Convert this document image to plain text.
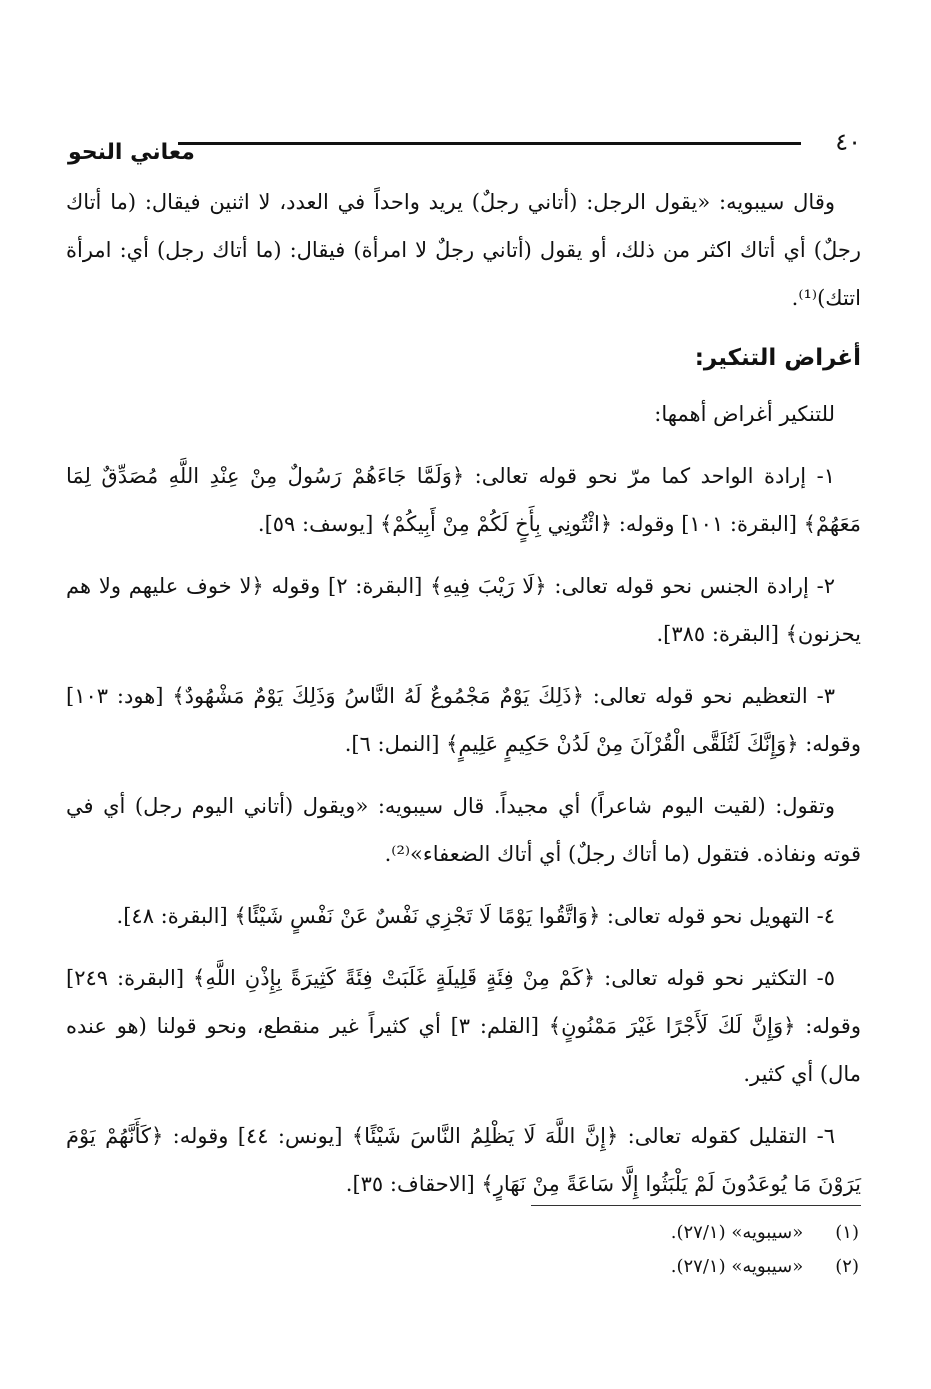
٤٠
معاني النحو

وقال سيبويه: «يقول الرجل: (أتاني رجلٌ) يريد واحداً في العدد، لا اثنين فيقال: (ما أتاك رجلٌ) أي أتاك اكثر من ذلك، أو يقول (أتاني رجلٌ لا امرأة) فيقال: (ما أتاك رجل) أي: امرأة اتتك)⁽¹⁾.

أغراض التنكير:

للتنكير أغراض أهمها:

١- إرادة الواحد كما مرّ نحو قوله تعالى: ﴿وَلَمَّا جَاءَهُمْ رَسُولٌ مِنْ عِنْدِ اللَّهِ مُصَدِّقٌ لِمَا مَعَهُمْ﴾ [البقرة: ١٠١] وقوله: ﴿ائْتُونِي بِأَخٍ لَكُمْ مِنْ أَبِيكُمْ﴾ [يوسف: ٥٩].

٢- إرادة الجنس نحو قوله تعالى: ﴿لَا رَيْبَ فِيهِ﴾ [البقرة: ٢] وقوله ﴿لا خوف عليهم ولا هم يحزنون﴾ [البقرة: ٣٨٥].

٣- التعظيم نحو قوله تعالى: ﴿ذَلِكَ يَوْمٌ مَجْمُوعٌ لَهُ النَّاسُ وَذَلِكَ يَوْمٌ مَشْهُودٌ﴾ [هود: ١٠٣] وقوله: ﴿وَإِنَّكَ لَتُلَقَّى الْقُرْآنَ مِنْ لَدُنْ حَكِيمٍ عَلِيمٍ﴾ [النمل: ٦].

وتقول: (لقيت اليوم شاعراً) أي مجيداً. قال سيبويه: «ويقول (أتاني اليوم رجل) أي في قوته ونفاذه. فتقول (ما أتاك رجلٌ) أي أتاك الضعفاء»⁽²⁾.

٤- التهويل نحو قوله تعالى: ﴿وَاتَّقُوا يَوْمًا لَا تَجْزِي نَفْسٌ عَنْ نَفْسٍ شَيْئًا﴾ [البقرة: ٤٨].

٥- التكثير نحو قوله تعالى: ﴿كَمْ مِنْ فِئَةٍ قَلِيلَةٍ غَلَبَتْ فِئَةً كَثِيرَةً بِإِذْنِ اللَّهِ﴾ [البقرة: ٢٤٩] وقوله: ﴿وَإِنَّ لَكَ لَأَجْرًا غَيْرَ مَمْنُونٍ﴾ [القلم: ٣] أي كثيراً غير منقطع، ونحو قولنا (هو عنده مال) أي كثير.

٦- التقليل كقوله تعالى: ﴿إِنَّ اللَّهَ لَا يَظْلِمُ النَّاسَ شَيْئًا﴾ [يونس: ٤٤] وقوله: ﴿كَأَنَّهُمْ يَوْمَ يَرَوْنَ مَا يُوعَدُونَ لَمْ يَلْبَثُوا إِلَّا سَاعَةً مِنْ نَهَارٍ﴾ [الاحقاف: ٣٥].

(١) «سيبويه» (٢٧/١).

(٢) «سيبويه» (٢٧/١).
